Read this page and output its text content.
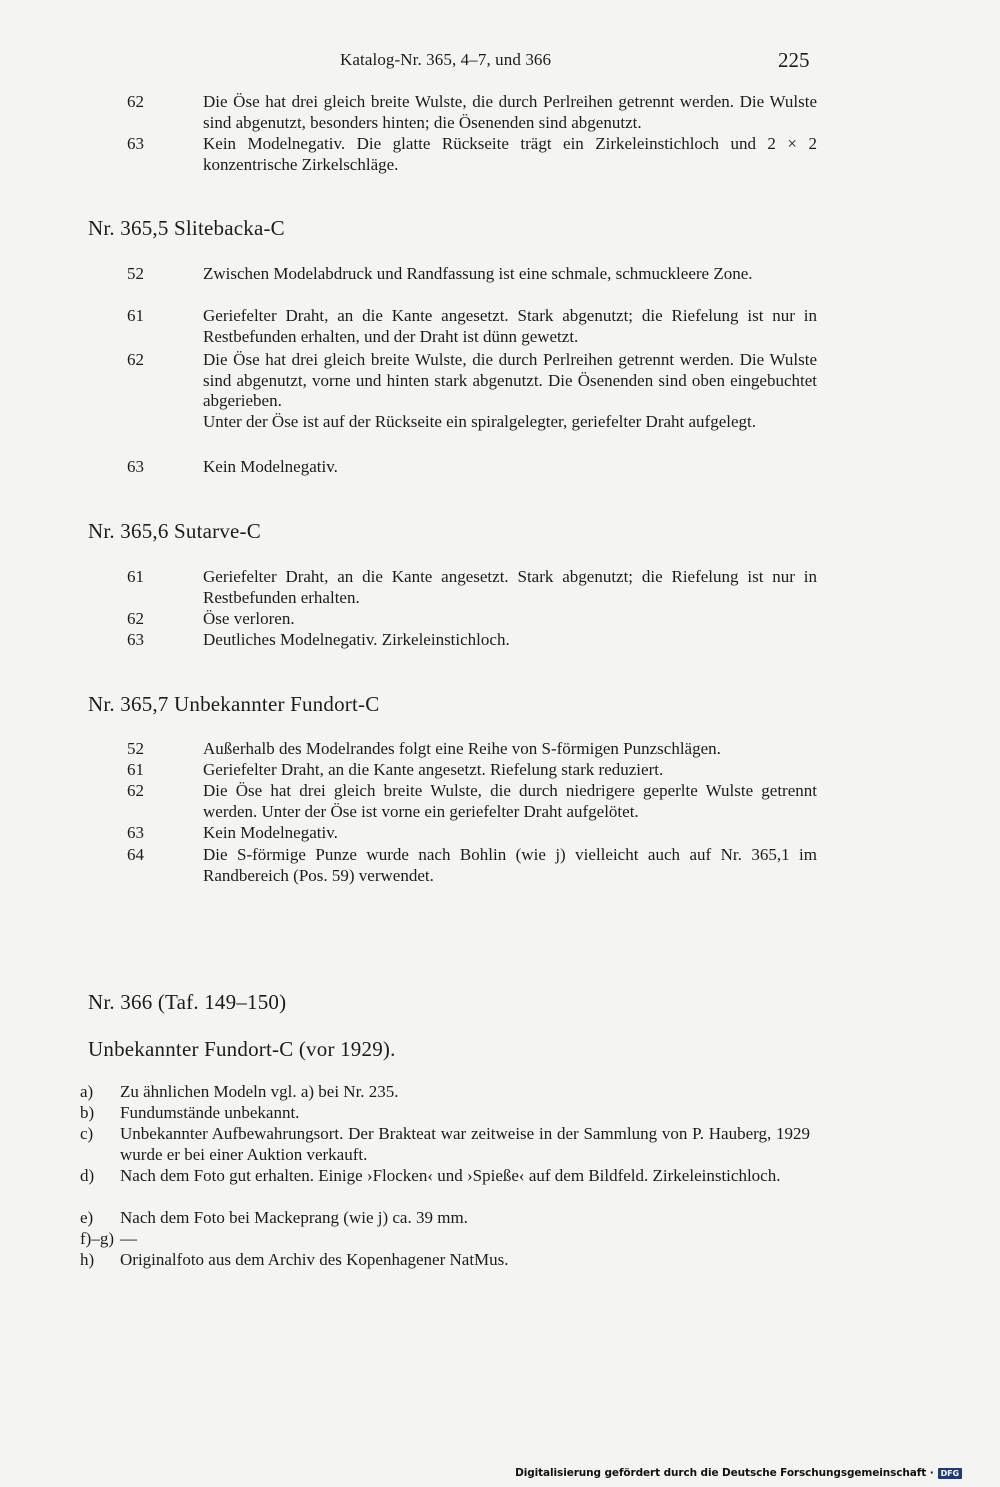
Katalog-Nr. 365, 4–7, und 366	225
62	Die Öse hat drei gleich breite Wulste, die durch Perlreihen getrennt werden. Die Wulste sind abgenutzt, besonders hinten; die Ösenenden sind abgenutzt.
63	Kein Modelnegativ. Die glatte Rückseite trägt ein Zirkeleinstichloch und 2 × 2 konzentrische Zirkelschläge.
Nr. 365,5 Slitebacka-C
52	Zwischen Modelabdruck und Randfassung ist eine schmale, schmuckleere Zone.
61	Geriefelter Draht, an die Kante angesetzt. Stark abgenutzt; die Riefelung ist nur in Restbefunden erhalten, und der Draht ist dünn gewetzt.
62	Die Öse hat drei gleich breite Wulste, die durch Perlreihen getrennt werden. Die Wulste sind abgenutzt, vorne und hinten stark abgenutzt. Die Ösenenden sind oben eingebuchtet abgerieben.

Unter der Öse ist auf der Rückseite ein spiralgelegter, geriefelter Draht aufgelegt.

63	Kein Modelnegativ.
Nr. 365,6 Sutarve-C
61	Geriefelter Draht, an die Kante angesetzt. Stark abgenutzt; die Riefelung ist nur in Restbefunden erhalten.
62	Öse verloren.
63	Deutliches Modelnegativ. Zirkeleinstichloch.
Nr. 365,7 Unbekannter Fundort-C
52	Außerhalb des Modelrandes folgt eine Reihe von S-förmigen Punzschlägen.
61	Geriefelter Draht, an die Kante angesetzt. Riefelung stark reduziert.
62	Die Öse hat drei gleich breite Wulste, die durch niedrigere geperlte Wulste getrennt werden. Unter der Öse ist vorne ein geriefelter Draht aufgelötet.
63	Kein Modelnegativ.
64	Die S-förmige Punze wurde nach Bohlin (wie j) vielleicht auch auf Nr. 365,1 im Randbereich (Pos. 59) verwendet.
Nr. 366 (Taf. 149–150)
Unbekannter Fundort-C (vor 1929).
a)	Zu ähnlichen Modeln vgl. a) bei Nr. 235.
b)	Fundumstände unbekannt.
c)	Unbekannter Aufbewahrungsort. Der Brakteat war zeitweise in der Sammlung von P. Hauberg, 1929 wurde er bei einer Auktion verkauft.
d)	Nach dem Foto gut erhalten. Einige ›Flocken‹ und ›Spieße‹ auf dem Bildfeld. Zirkeleinstichloch.
e)	Nach dem Foto bei Mackeprang (wie j) ca. 39 mm.
f)–g) —
h)	Originalfoto aus dem Archiv des Kopenhagener NatMus.
Digitalisierung gefördert durch die Deutsche Forschungsgemeinschaft · DFG
